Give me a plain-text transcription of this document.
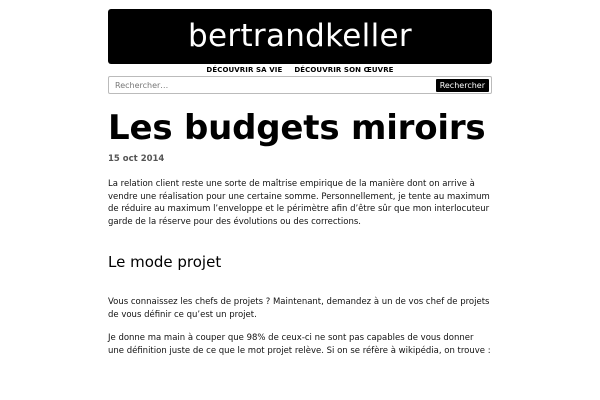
bertrandkeller
DÉCOUVRIR SA VIE DÉCOUVRIR SON ŒUVRE
Rechercher…
Rechercher
Les budgets miroirs
15 oct 2014

La relation client reste une sorte de maîtrise empirique de la manière dont on arrive à vendre une réalisation pour une certaine somme. Personnellement, je tente au maximum de réduire au maximum l’enveloppe et le périmètre afin d’être sûr que mon interlocuteur garde de la réserve pour des évolutions ou des corrections.

Le mode projet

Vous connaissez les chefs de projets ? Maintenant, demandez à un de vos chef de projets de vous définir ce qu’est un projet.

Je donne ma main à couper que 98% de ceux-ci ne sont pas capables de vous donner une définition juste de ce que le mot projet relève. Si on se réfère à wikipédia, on trouve :
